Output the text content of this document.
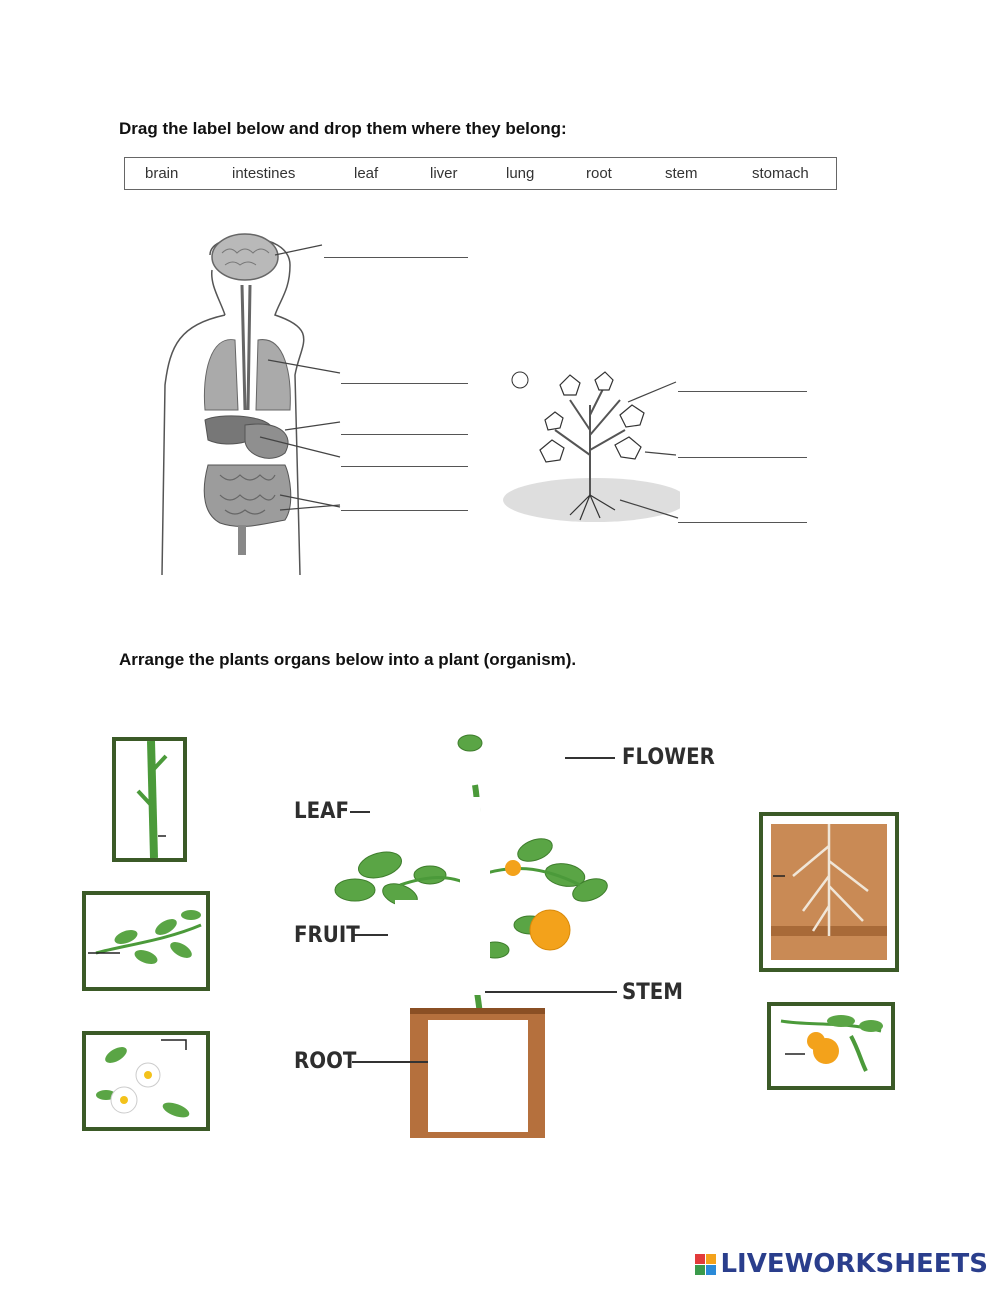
Drag the label below and drop them where they belong:
brain	intestines	leaf	liver	lung	root	stem	stomach
Arrange the plants organs below into a plant (organism).
FLOWER
LEAF
FRUIT
STEM
ROOT
LIVEWORKSHEETS
